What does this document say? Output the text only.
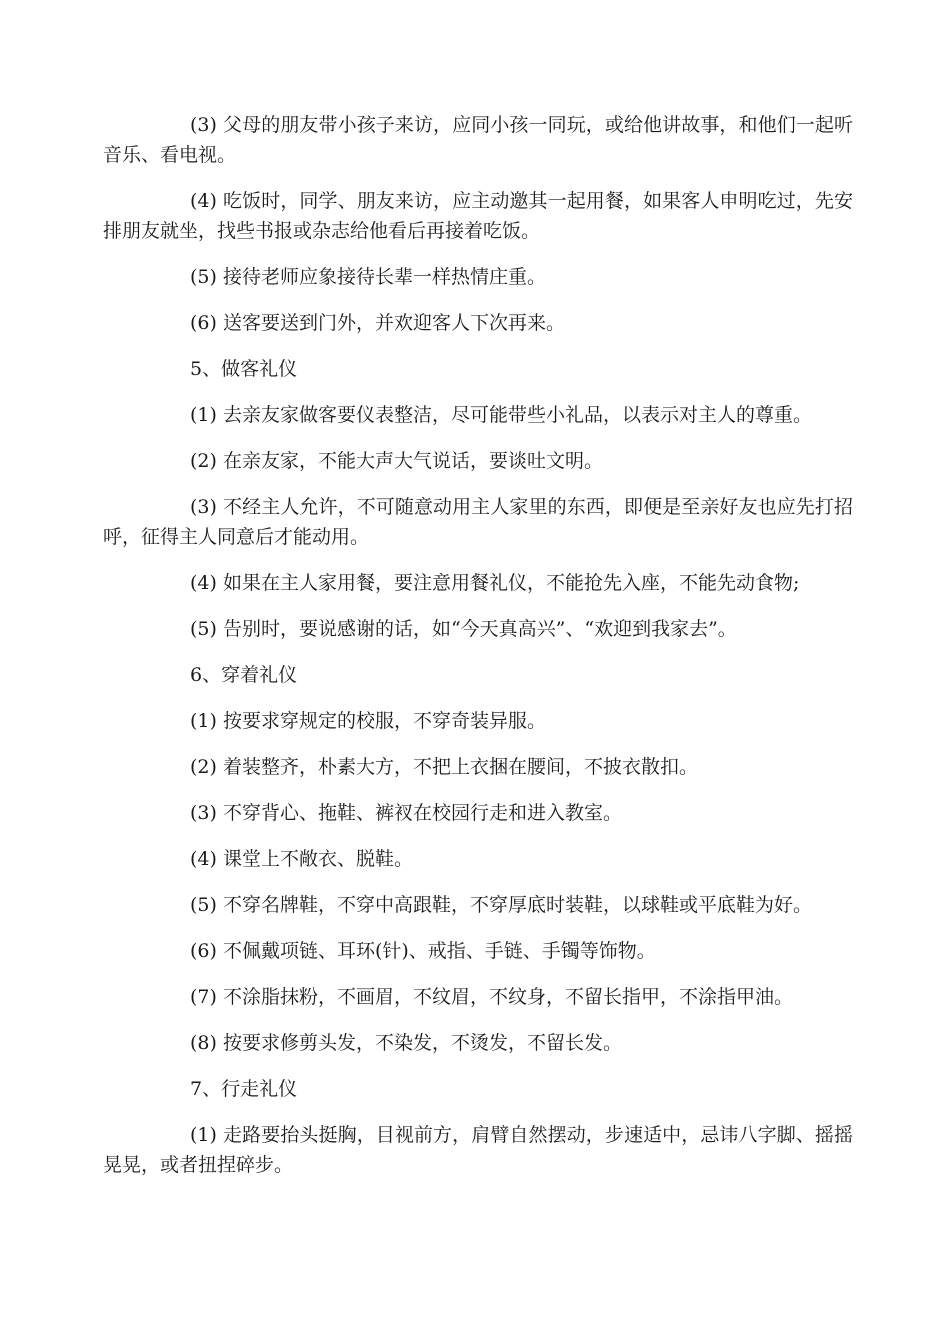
(3) 父母的朋友带小孩子来访，应同小孩一同玩，或给他讲故事，和他们一起听音乐、看电视。

(4) 吃饭时，同学、朋友来访，应主动邀其一起用餐，如果客人申明吃过，先安排朋友就坐，找些书报或杂志给他看后再接着吃饭。

(5) 接待老师应象接待长辈一样热情庄重。

(6) 送客要送到门外，并欢迎客人下次再来。

5、做客礼仪

(1) 去亲友家做客要仪表整洁，尽可能带些小礼品，以表示对主人的尊重。

(2) 在亲友家，不能大声大气说话，要谈吐文明。

(3) 不经主人允许，不可随意动用主人家里的东西，即便是至亲好友也应先打招呼，征得主人同意后才能动用。

(4) 如果在主人家用餐，要注意用餐礼仪，不能抢先入座，不能先动食物;

(5) 告别时，要说感谢的话，如“今天真高兴”、“欢迎到我家去”。

6、穿着礼仪

(1) 按要求穿规定的校服，不穿奇装异服。

(2) 着装整齐，朴素大方，不把上衣捆在腰间，不披衣散扣。

(3) 不穿背心、拖鞋、裤衩在校园行走和进入教室。

(4) 课堂上不敞衣、脱鞋。

(5) 不穿名牌鞋，不穿中高跟鞋，不穿厚底时装鞋，以球鞋或平底鞋为好。

(6) 不佩戴项链、耳环(针)、戒指、手链、手镯等饰物。

(7) 不涂脂抹粉，不画眉，不纹眉，不纹身，不留长指甲，不涂指甲油。

(8) 按要求修剪头发，不染发，不烫发，不留长发。

7、行走礼仪

(1) 走路要抬头挺胸，目视前方，肩臂自然摆动，步速适中，忌讳八字脚、摇摇晃晃，或者扭捏碎步。
